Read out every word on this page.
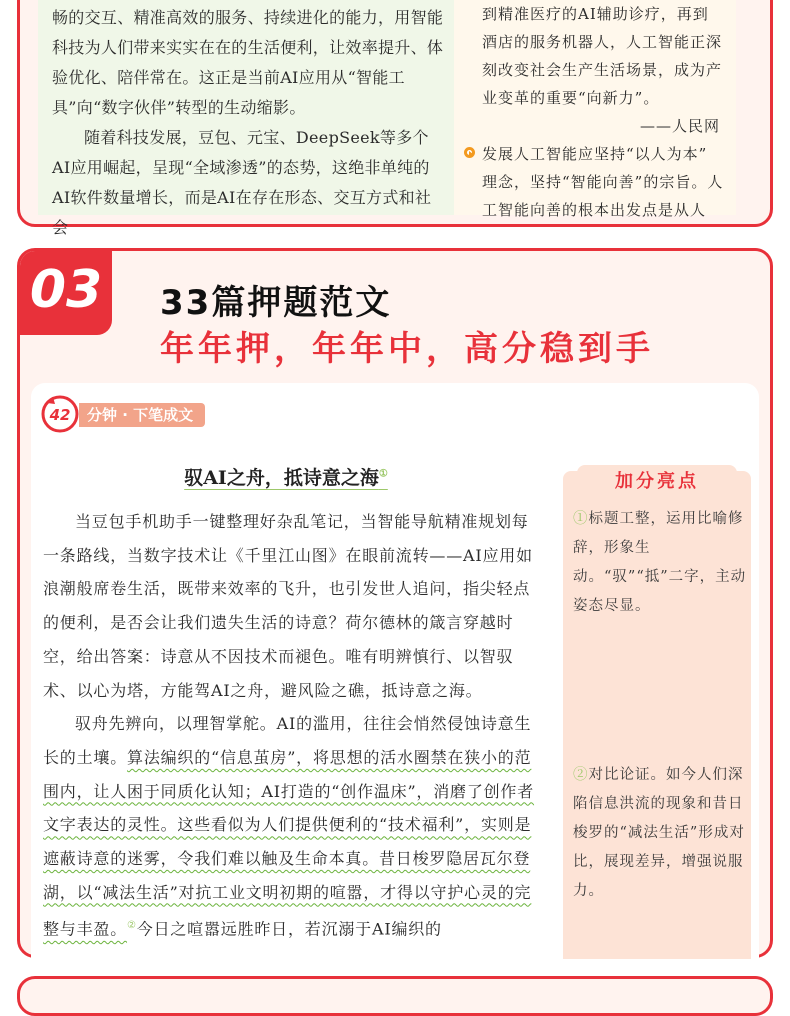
畅的交互、精准高效的服务、持续进化的能力，用智能科技为人们带来实实在在的生活便利，让效率提升、体验优化、陪伴常在。这正是当前AI应用从“智能工具”向“数字伙伴”转型的生动缩影。

随着科技发展，豆包、元宝、DeepSeek等多个AI应用崛起，呈现“全域渗透”的态势，这绝非单纯的AI软件数量增长，而是AI在存在形态、交互方式和社会

到精准医疗的AI辅助诊疗，再到
酒店的服务机器人，人工智能正深
刻改变社会生产生活场景，成为产
业变革的重要“向新力”。
——人民网
发展人工智能应坚持“以人为本”
理念，坚持“智能向善”的宗旨。人
工智能向善的根本出发点是从人
03 33篇押题范文
年年押，年年中，高分稳到手
42	分钟 · 下笔成文
驭AI之舟，抵诗意之海①

当豆包手机助手一键整理好杂乱笔记，当智能导航精准规划每一条路线，当数字技术让《千里江山图》在眼前流转——AI应用如浪潮般席卷生活，既带来效率的飞升，也引发世人追问，指尖轻点的便利，是否会让我们遗失生活的诗意？荷尔德林的箴言穿越时空，给出答案：诗意从不因技术而褪色。唯有明辨慎行、以智驭术、以心为塔，方能驾AI之舟，避风险之礁，抵诗意之海。

驭舟先辨向，以理智掌舵。AI的滥用，往往会悄然侵蚀诗意生长的土壤。算法编织的“信息茧房”，将思想的活水圈禁在狭小的范围内，让人困于同质化认知；AI打造的“创作温床”，消磨了创作者文字表达的灵性。这些看似为人们提供便利的“技术福利”，实则是遮蔽诗意的迷雾，令我们难以触及生命本真。昔日梭罗隐居瓦尔登湖，以“减法生活”对抗工业文明初期的喧嚣，才得以守护心灵的完整与丰盈。②今日之喧嚣远胜昨日，若沉溺于AI编织的

加分亮点
①标题工整，运用比喻修辞，形象生动。“驭”“抵”二字，主动姿态尽显。
②对比论证。如今人们深陷信息洪流的现象和昔日梭罗的“减法生活”形成对比，展现差异，增强说服力。
